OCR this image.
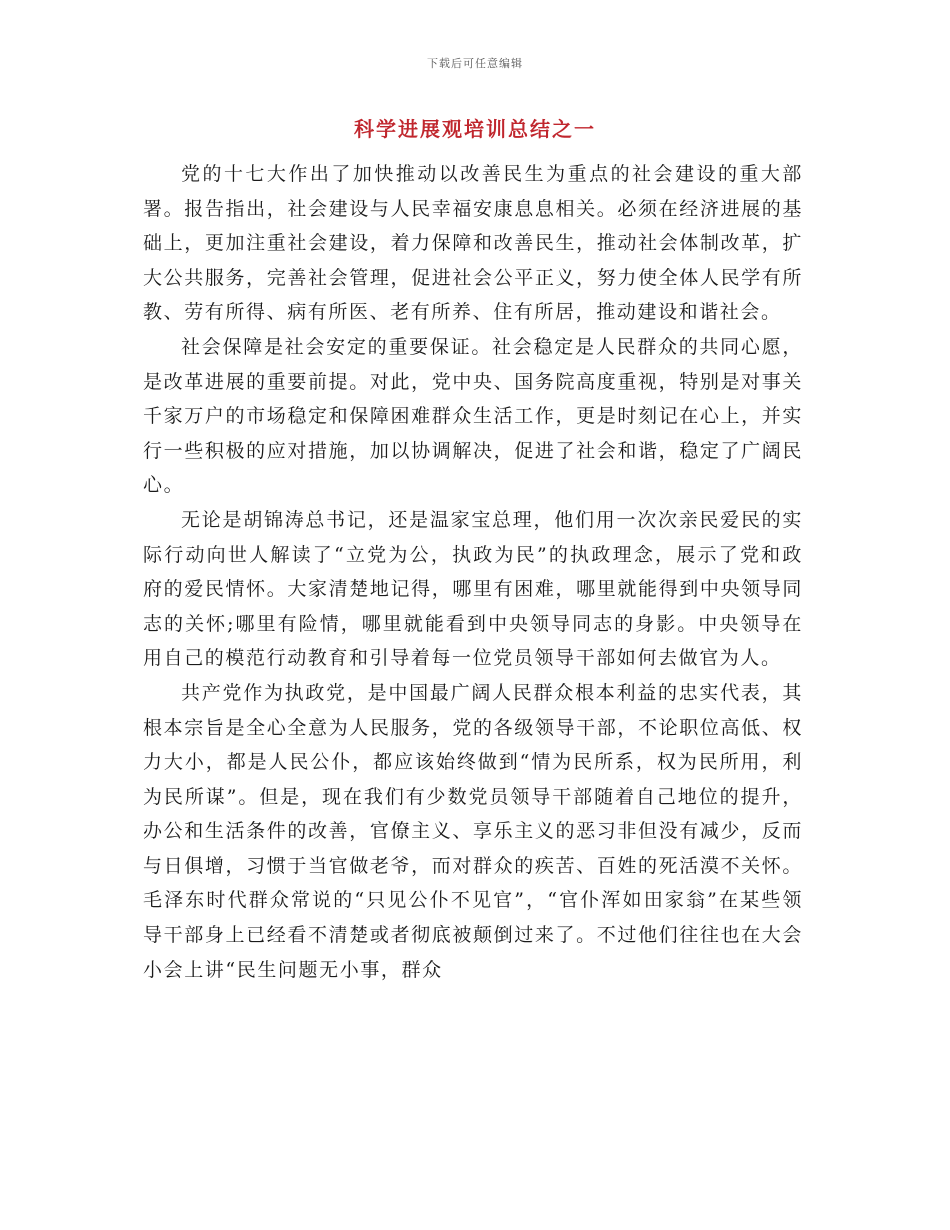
下载后可任意编辑
科学进展观培训总结之一

党的十七大作出了加快推动以改善民生为重点的社会建设的重大部署。报告指出，社会建设与人民幸福安康息息相关。必须在经济进展的基础上，更加注重社会建设，着力保障和改善民生，推动社会体制改革，扩大公共服务，完善社会管理，促进社会公平正义，努力使全体人民学有所教、劳有所得、病有所医、老有所养、住有所居，推动建设和谐社会。

社会保障是社会安定的重要保证。社会稳定是人民群众的共同心愿，是改革进展的重要前提。对此，党中央、国务院高度重视，特别是对事关千家万户的市场稳定和保障困难群众生活工作，更是时刻记在心上，并实行一些积极的应对措施，加以协调解决，促进了社会和谐，稳定了广阔民心。

无论是胡锦涛总书记，还是温家宝总理，他们用一次次亲民爱民的实际行动向世人解读了“立党为公，执政为民”的执政理念，展示了党和政府的爱民情怀。大家清楚地记得，哪里有困难，哪里就能得到中央领导同志的关怀;哪里有险情，哪里就能看到中央领导同志的身影。中央领导在用自己的模范行动教育和引导着每一位党员领导干部如何去做官为人。

共产党作为执政党，是中国最广阔人民群众根本利益的忠实代表，其根本宗旨是全心全意为人民服务，党的各级领导干部，不论职位高低、权力大小，都是人民公仆，都应该始终做到“情为民所系，权为民所用，利为民所谋”。但是，现在我们有少数党员领导干部随着自己地位的提升，办公和生活条件的改善，官僚主义、享乐主义的恶习非但没有减少，反而与日俱增，习惯于当官做老爷，而对群众的疾苦、百姓的死活漠不关怀。毛泽东时代群众常说的“只见公仆不见官”，“官仆浑如田家翁”在某些领导干部身上已经看不清楚或者彻底被颠倒过来了。不过他们往往也在大会小会上讲“民生问题无小事，群众
